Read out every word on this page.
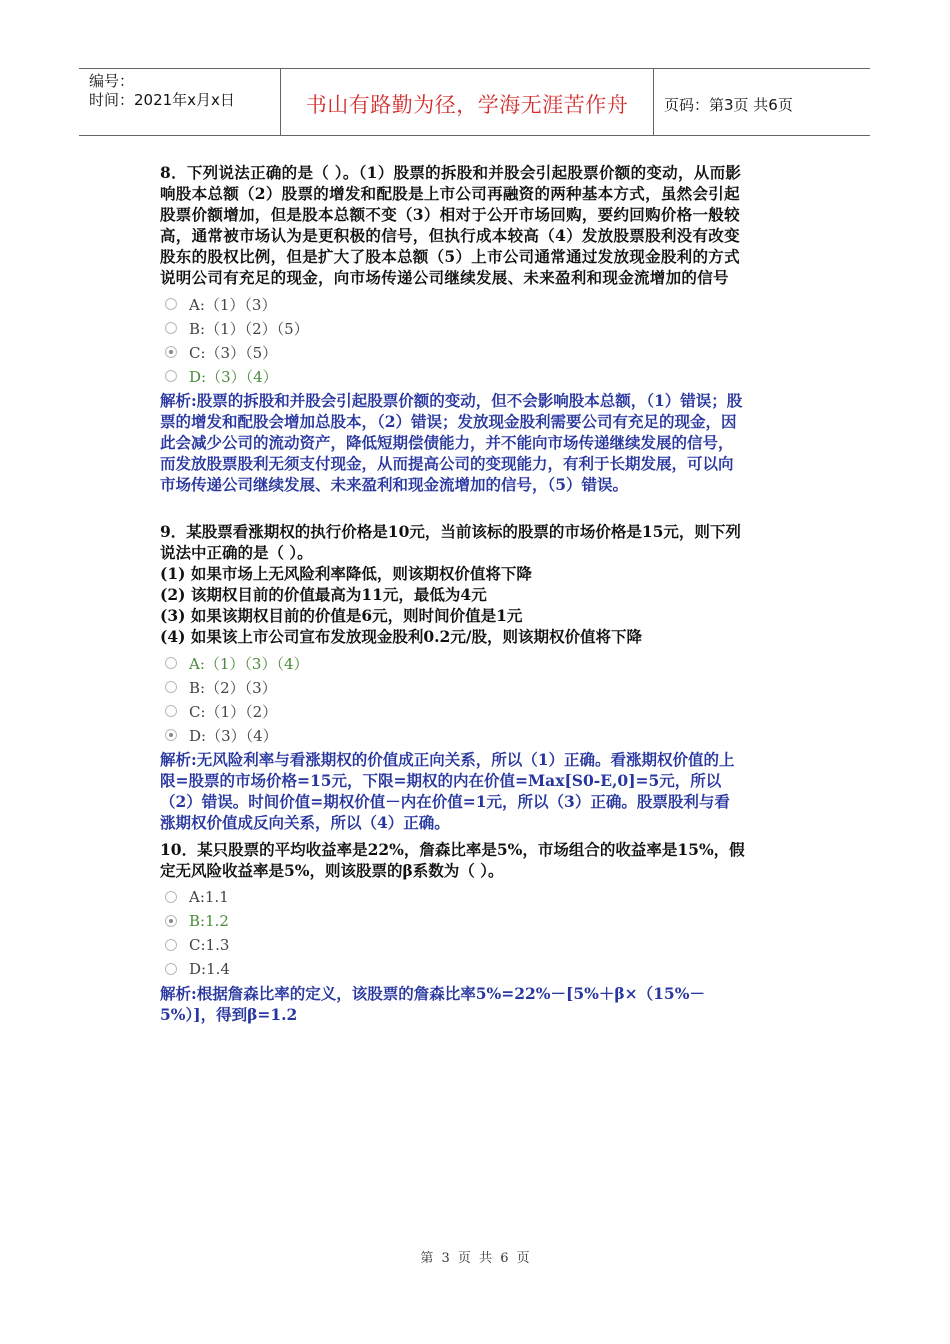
编号：
时间：2021年x月x日	书山有路勤为径，学海无涯苦作舟	页码：第3页 共6页
8．下列说法正确的是（ ）。（1）股票的拆股和并股会引起股票价额的变动，从而影响股本总额（2）股票的增发和配股是上市公司再融资的两种基本方式，虽然会引起股票价额增加，但是股本总额不变（3）相对于公开市场回购，要约回购价格一般较高，通常被市场认为是更积极的信号，但执行成本较高（4）发放股票股利没有改变股东的股权比例，但是扩大了股本总额（5）上市公司通常通过发放现金股利的方式说明公司有充足的现金，向市场传递公司继续发展、未来盈利和现金流增加的信号
A:（1）（3）
B:（1）（2）（5）
C:（3）（5）
D:（3）（4）
解析:股票的拆股和并股会引起股票价额的变动，但不会影响股本总额，（1）错误；股票的增发和配股会增加总股本，（2）错误；发放现金股利需要公司有充足的现金，因此会减少公司的流动资产，降低短期偿债能力，并不能向市场传递继续发展的信号，而发放股票股利无须支付现金，从而提高公司的变现能力，有利于长期发展，可以向市场传递公司继续发展、未来盈利和现金流增加的信号，（5）错误。
9．某股票看涨期权的执行价格是10元，当前该标的股票的市场价格是15元，则下列说法中正确的是（ ）。
(1) 如果市场上无风险利率降低，则该期权价值将下降
(2) 该期权目前的价值最高为11元，最低为4元
(3) 如果该期权目前的价值是6元，则时间价值是1元
(4) 如果该上市公司宣布发放现金股利0.2元/股，则该期权价值将下降
A:（1）（3）（4）
B:（2）（3）
C:（1）（2）
D:（3）（4）
解析:无风险利率与看涨期权的价值成正向关系，所以（1）正确。看涨期权价值的上限=股票的市场价格=15元，下限=期权的内在价值=Max[S0-E,0]=5元，所以（2）错误。时间价值=期权价值－内在价值=1元，所以（3）正确。股票股利与看涨期权价值成反向关系，所以（4）正确。
10．某只股票的平均收益率是22%，詹森比率是5%，市场组合的收益率是15%，假定无风险收益率是5%，则该股票的β系数为（ ）。
A:1.1
B:1.2
C:1.3
D:1.4
解析:根据詹森比率的定义，该股票的詹森比率5%=22%－[5%＋β×（15%－5%）]，得到β=1.2
第 3 页 共 6 页
